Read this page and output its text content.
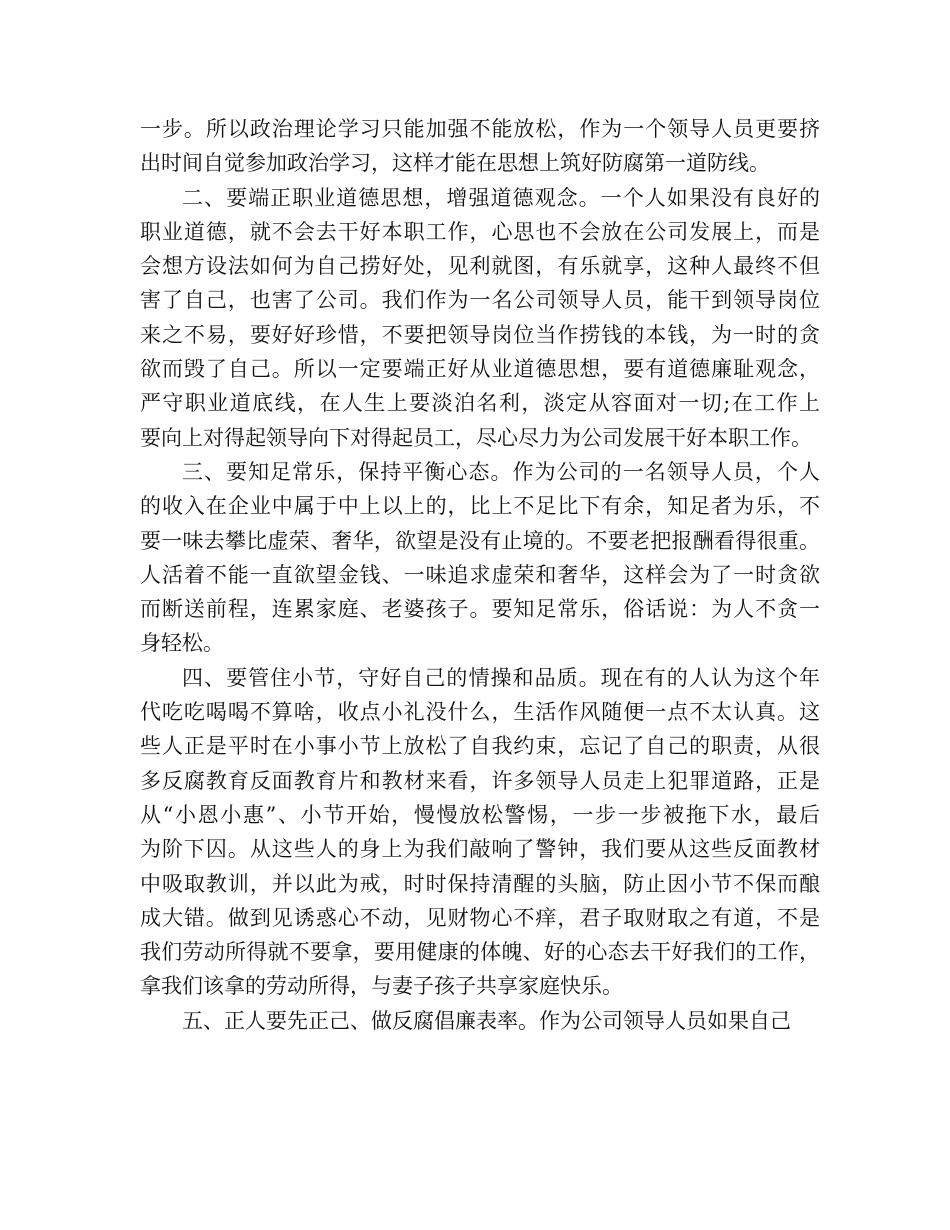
一步。所以政治理论学习只能加强不能放松，作为一个领导人员更要挤
出时间自觉参加政治学习，这样才能在思想上筑好防腐第一道防线。
二、要端正职业道德思想，增强道德观念。一个人如果没有良好的
职业道德，就不会去干好本职工作，心思也不会放在公司发展上，而是
会想方设法如何为自己捞好处，见利就图，有乐就享，这种人最终不但
害了自己，也害了公司。我们作为一名公司领导人员，能干到领导岗位
来之不易，要好好珍惜，不要把领导岗位当作捞钱的本钱，为一时的贪
欲而毁了自己。所以一定要端正好从业道德思想，要有道德廉耻观念，
严守职业道底线，在人生上要淡泊名利，淡定从容面对一切;在工作上
要向上对得起领导向下对得起员工，尽心尽力为公司发展干好本职工作。
三、要知足常乐，保持平衡心态。作为公司的一名领导人员，个人
的收入在企业中属于中上以上的，比上不足比下有余，知足者为乐，不
要一味去攀比虚荣、奢华，欲望是没有止境的。不要老把报酬看得很重。
人活着不能一直欲望金钱、一味追求虚荣和奢华，这样会为了一时贪欲
而断送前程，连累家庭、老婆孩子。要知足常乐，俗话说：为人不贪一
身轻松。
四、要管住小节，守好自己的情操和品质。现在有的人认为这个年
代吃吃喝喝不算啥，收点小礼没什么，生活作风随便一点不太认真。这
些人正是平时在小事小节上放松了自我约束，忘记了自己的职责，从很
多反腐教育反面教育片和教材来看，许多领导人员走上犯罪道路，正是
从“小恩小惠”、小节开始，慢慢放松警惕，一步一步被拖下水，最后
为阶下囚。从这些人的身上为我们敲响了警钟，我们要从这些反面教材
中吸取教训，并以此为戒，时时保持清醒的头脑，防止因小节不保而酿
成大错。做到见诱惑心不动，见财物心不痒，君子取财取之有道，不是
我们劳动所得就不要拿，要用健康的体魄、好的心态去干好我们的工作，
拿我们该拿的劳动所得，与妻子孩子共享家庭快乐。
五、正人要先正己、做反腐倡廉表率。作为公司领导人员如果自己
